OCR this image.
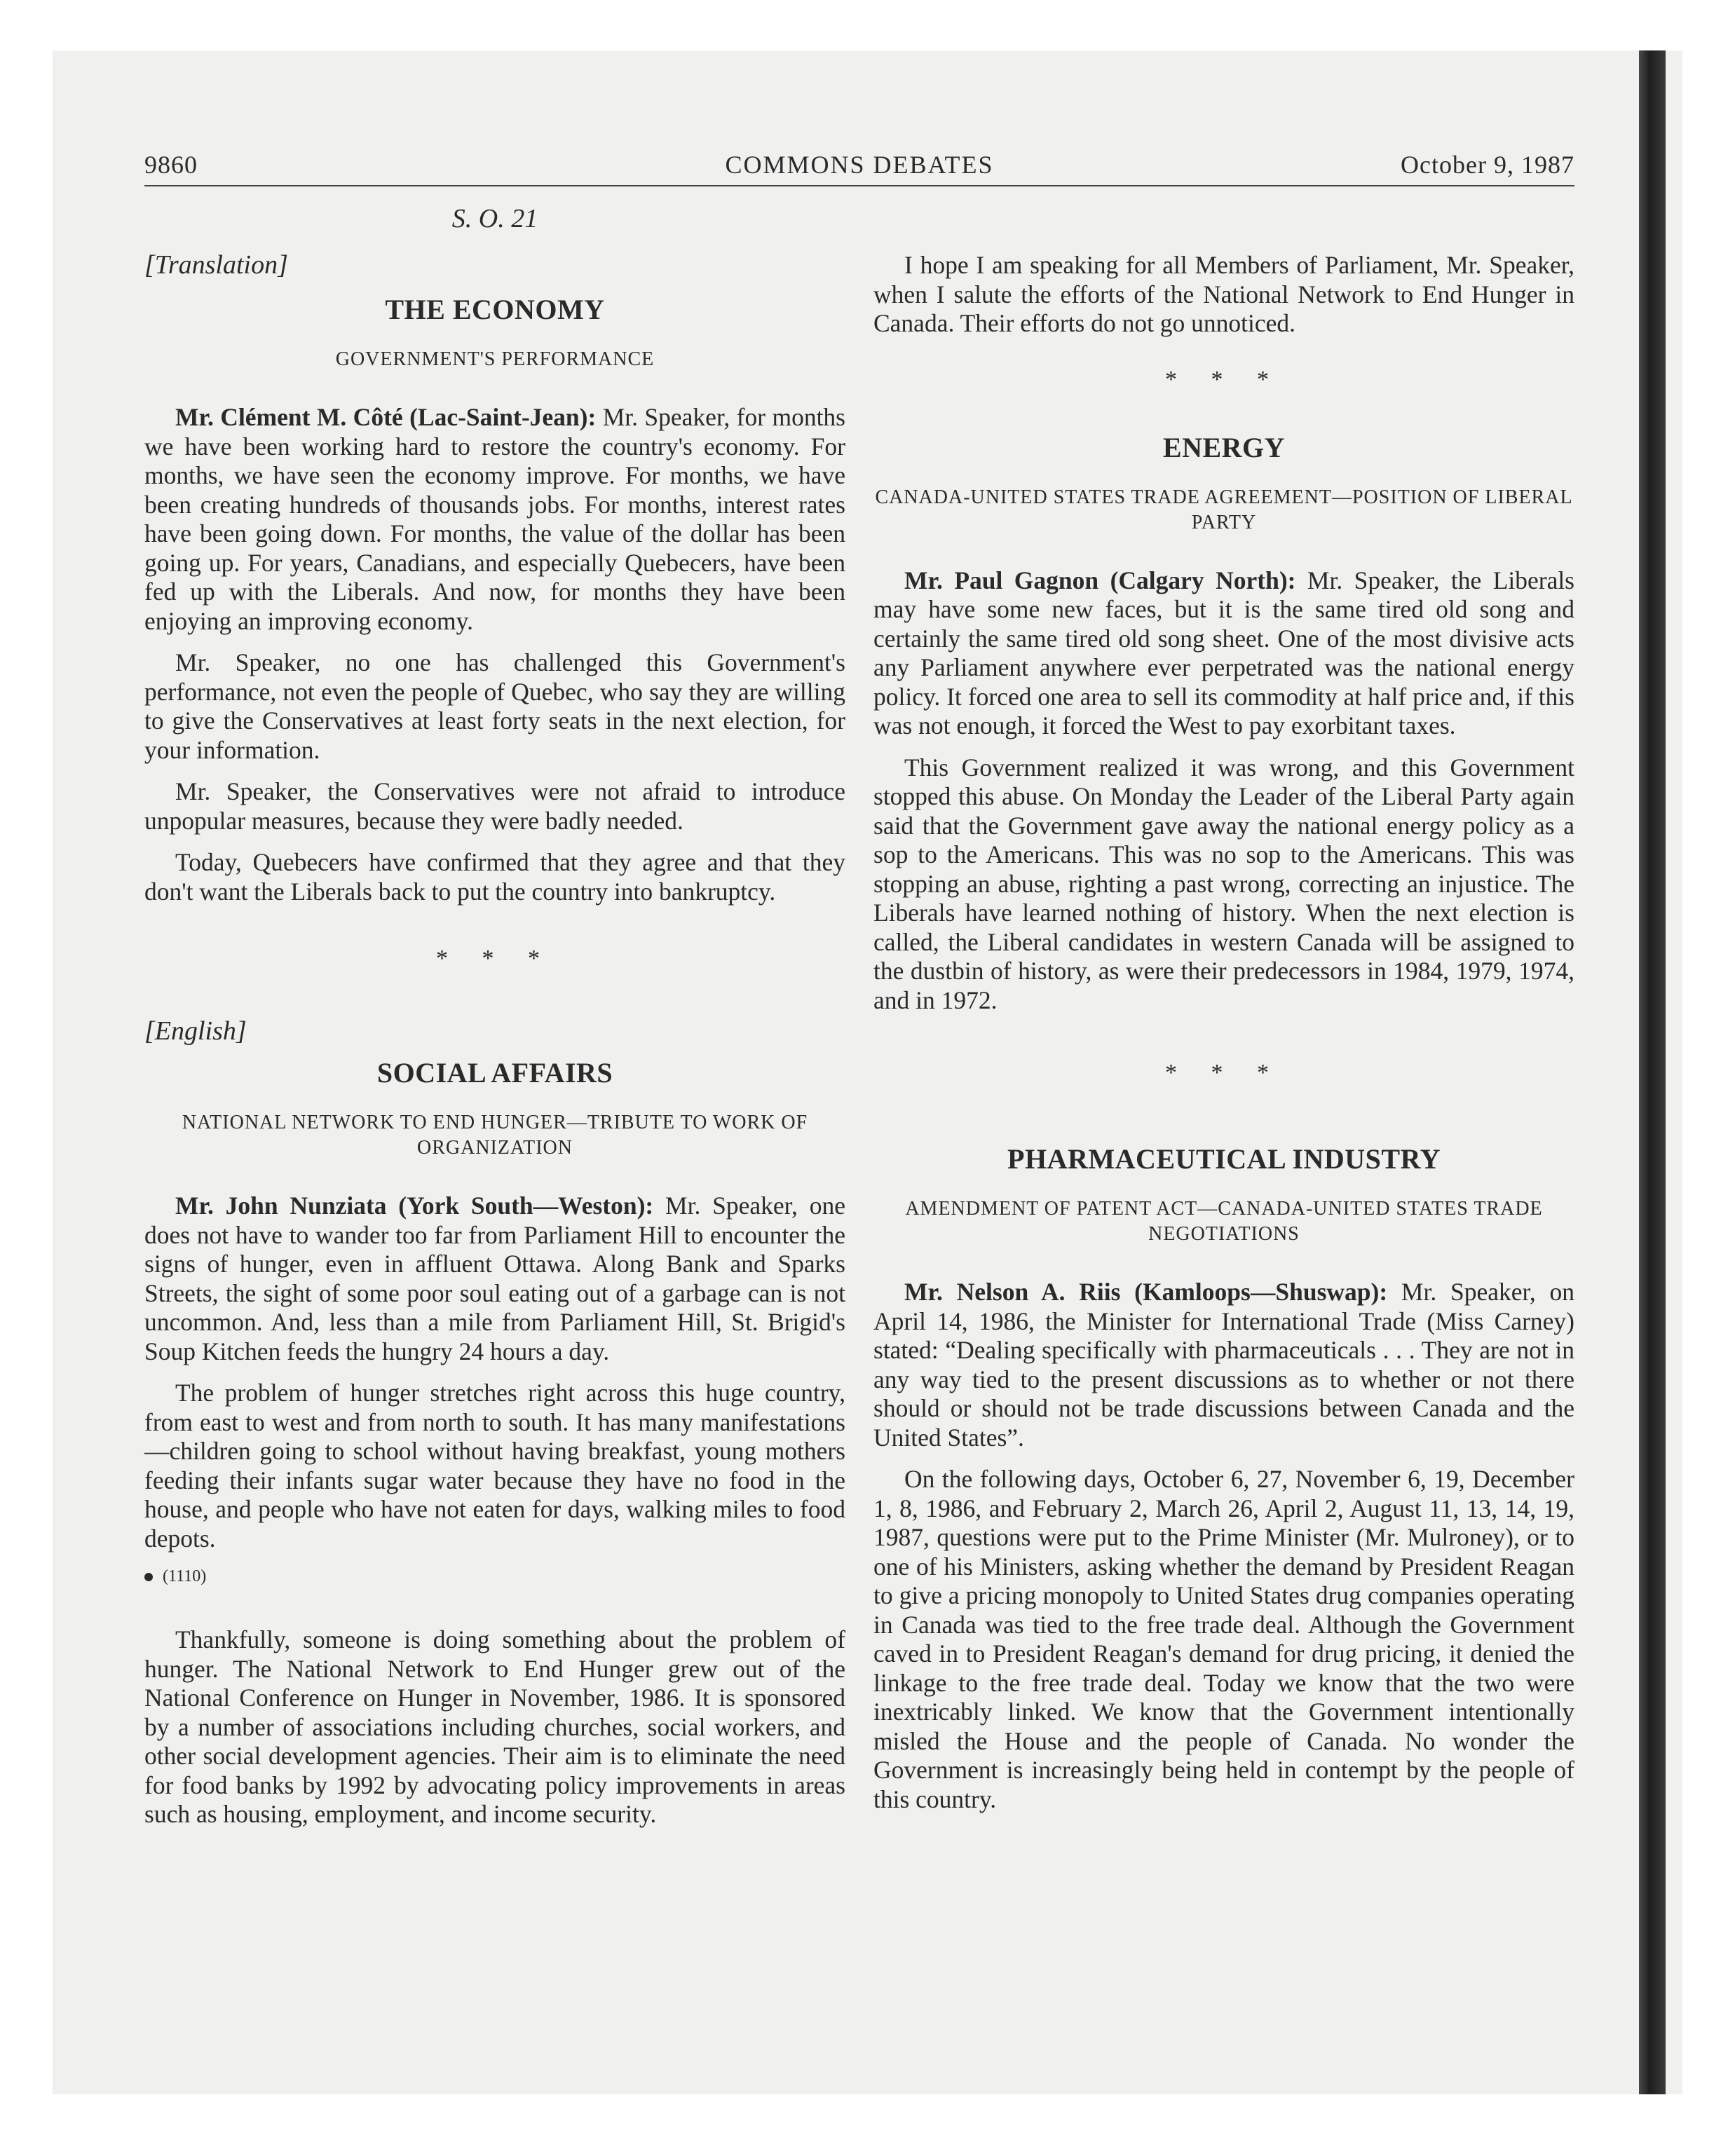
9860	COMMONS DEBATES	October 9, 1987

S. O. 21

[Translation]

THE ECONOMY
GOVERNMENT'S PERFORMANCE

Mr. Clément M. Côté (Lac-Saint-Jean): Mr. Speaker, for months we have been working hard to restore the country's economy. For months, we have seen the economy improve. For months, we have been creating hundreds of thousands jobs. For months, interest rates have been going down. For months, the value of the dollar has been going up. For years, Canadians, and especially Quebecers, have been fed up with the Liberals. And now, for months they have been enjoying an improving economy.

Mr. Speaker, no one has challenged this Government's performance, not even the people of Quebec, who say they are willing to give the Conservatives at least forty seats in the next election, for your information.

Mr. Speaker, the Conservatives were not afraid to introduce unpopular measures, because they were badly needed.

Today, Quebecers have confirmed that they agree and that they don't want the Liberals back to put the country into bankruptcy.

* * *

[English]

SOCIAL AFFAIRS
NATIONAL NETWORK TO END HUNGER—TRIBUTE TO WORK OF ORGANIZATION

Mr. John Nunziata (York South—Weston): Mr. Speaker, one does not have to wander too far from Parliament Hill to encounter the signs of hunger, even in affluent Ottawa. Along Bank and Sparks Streets, the sight of some poor soul eating out of a garbage can is not uncommon. And, less than a mile from Parliament Hill, St. Brigid's Soup Kitchen feeds the hungry 24 hours a day.

The problem of hunger stretches right across this huge country, from east to west and from north to south. It has many manifestations—children going to school without having breakfast, young mothers feeding their infants sugar water because they have no food in the house, and people who have not eaten for days, walking miles to food depots.

(1110)

Thankfully, someone is doing something about the problem of hunger. The National Network to End Hunger grew out of the National Conference on Hunger in November, 1986. It is sponsored by a number of associations including churches, social workers, and other social development agencies. Their aim is to eliminate the need for food banks by 1992 by advocating policy improvements in areas such as housing, employment, and income security.

I hope I am speaking for all Members of Parliament, Mr. Speaker, when I salute the efforts of the National Network to End Hunger in Canada. Their efforts do not go unnoticed.

* * *

ENERGY
CANADA-UNITED STATES TRADE AGREEMENT—POSITION OF LIBERAL PARTY

Mr. Paul Gagnon (Calgary North): Mr. Speaker, the Liberals may have some new faces, but it is the same tired old song and certainly the same tired old song sheet. One of the most divisive acts any Parliament anywhere ever perpetrated was the national energy policy. It forced one area to sell its commodity at half price and, if this was not enough, it forced the West to pay exorbitant taxes.

This Government realized it was wrong, and this Government stopped this abuse. On Monday the Leader of the Liberal Party again said that the Government gave away the national energy policy as a sop to the Americans. This was no sop to the Americans. This was stopping an abuse, righting a past wrong, correcting an injustice. The Liberals have learned nothing of history. When the next election is called, the Liberal candidates in western Canada will be assigned to the dustbin of history, as were their predecessors in 1984, 1979, 1974, and in 1972.

* * *

PHARMACEUTICAL INDUSTRY
AMENDMENT OF PATENT ACT—CANADA-UNITED STATES TRADE NEGOTIATIONS

Mr. Nelson A. Riis (Kamloops—Shuswap): Mr. Speaker, on April 14, 1986, the Minister for International Trade (Miss Carney) stated: “Dealing specifically with pharmaceuticals . . . They are not in any way tied to the present discussions as to whether or not there should or should not be trade discussions between Canada and the United States”.

On the following days, October 6, 27, November 6, 19, December 1, 8, 1986, and February 2, March 26, April 2, August 11, 13, 14, 19, 1987, questions were put to the Prime Minister (Mr. Mulroney), or to one of his Ministers, asking whether the demand by President Reagan to give a pricing monopoly to United States drug companies operating in Canada was tied to the free trade deal. Although the Government caved in to President Reagan's demand for drug pricing, it denied the linkage to the free trade deal. Today we know that the two were inextricably linked. We know that the Government intentionally misled the House and the people of Canada. No wonder the Government is increasingly being held in contempt by the people of this country.
